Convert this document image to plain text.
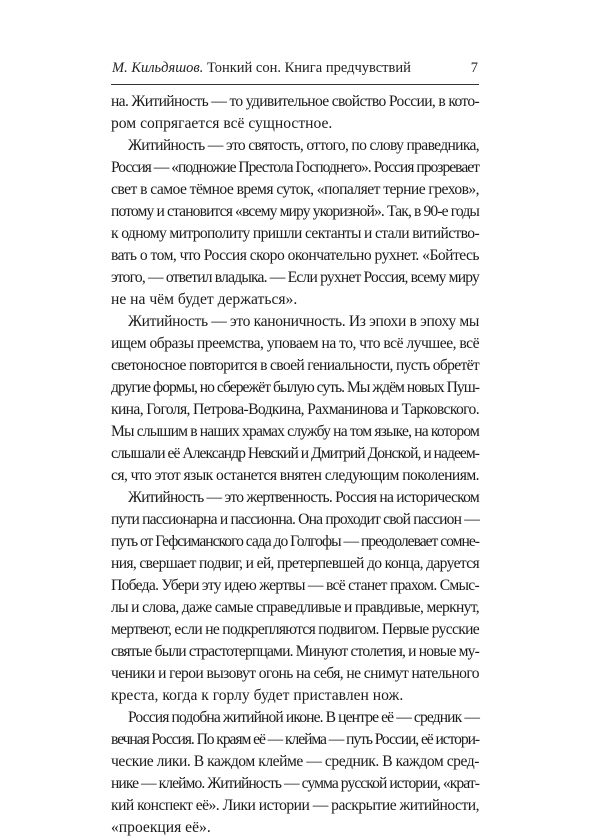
М. Кильдяшов. Тонкий сон. Книга предчувствий	7

на. Житийность — то удивительное свойство России, в кото-
ром сопрягается всё сущностное.

Житийность — это святость, оттого, по слову праведника,
Россия — «подножие Престола Господнего». Россия прозревает
свет в самое тёмное время суток, «попаляет терние грехов»,
потому и становится «всему миру укоризной». Так, в 90-е годы
к одному митрополиту пришли сектанты и стали витийство-
вать о том, что Россия скоро окончательно рухнет. «Бойтесь
этого, — ответил владыка. — Если рухнет Россия, всему миру
не на чём будет держаться».

Житийность — это каноничность. Из эпохи в эпоху мы
ищем образы преемства, уповаем на то, что всё лучшее, всё
светоносное повторится в своей гениальности, пусть обретёт
другие формы, но сбережёт былую суть. Мы ждём новых Пуш-
кина, Гоголя, Петрова-Водкина, Рахманинова и Тарковского.
Мы слышим в наших храмах службу на том языке, на котором
слышали её Александр Невский и Дмитрий Донской, и надеем-
ся, что этот язык останется внятен следующим поколениям.

Житийность — это жертвенность. Россия на историческом
пути пассионарна и пассионна. Она проходит свой пассион —
путь от Гефсиманского сада до Голгофы — преодолевает сомне-
ния, свершает подвиг, и ей, претерпевшей до конца, даруется
Победа. Убери эту идею жертвы — всё станет прахом. Смыс-
лы и слова, даже самые справедливые и правдивые, меркнут,
мертвеют, если не подкрепляются подвигом. Первые русские
святые были страстотерпцами. Минуют столетия, и новые му-
ченики и герои вызовут огонь на себя, не снимут нательного
креста, когда к горлу будет приставлен нож.

Россия подобна житийной иконе. В центре её — средник —
вечная Россия. По краям её — клейма — путь России, её истори-
ческие лики. В каждом клейме — средник. В каждом сред-
нике — клеймо. Житийность — сумма русской истории, «крат-
кий конспект её». Лики истории — раскрытие житийности,
«проекция её».
